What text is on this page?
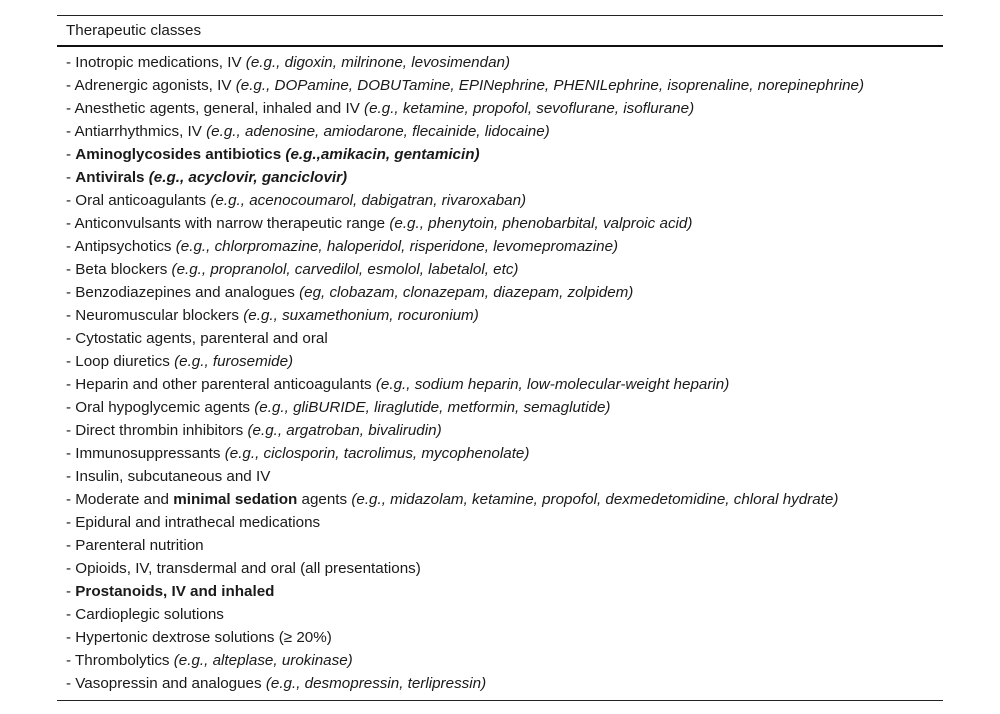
Therapeutic classes
- Inotropic medications, IV (e.g., digoxin, milrinone, levosimendan)
- Adrenergic agonists, IV (e.g., DOPamine, DOBUTamine, EPINephrine, PHENILephrine, isoprenaline, norepinephrine)
- Anesthetic agents, general, inhaled and IV (e.g., ketamine, propofol, sevoflurane, isoflurane)
- Antiarrhythmics, IV (e.g., adenosine, amiodarone, flecainide, lidocaine)
- Aminoglycosides antibiotics (e.g.,amikacin, gentamicin)
- Antivirals (e.g., acyclovir, ganciclovir)
- Oral anticoagulants (e.g., acenocoumarol, dabigatran, rivaroxaban)
- Anticonvulsants with narrow therapeutic range (e.g., phenytoin, phenobarbital, valproic acid)
- Antipsychotics (e.g., chlorpromazine, haloperidol, risperidone, levomepromazine)
- Beta blockers (e.g., propranolol, carvedilol, esmolol, labetalol, etc)
- Benzodiazepines and analogues (eg, clobazam, clonazepam, diazepam, zolpidem)
- Neuromuscular blockers (e.g., suxamethonium, rocuronium)
- Cytostatic agents, parenteral and oral
- Loop diuretics (e.g., furosemide)
- Heparin and other parenteral anticoagulants (e.g., sodium heparin, low-molecular-weight heparin)
- Oral hypoglycemic agents (e.g., gliBURIDE, liraglutide, metformin, semaglutide)
- Direct thrombin inhibitors (e.g., argatroban, bivalirudin)
- Immunosuppressants (e.g., ciclosporin, tacrolimus, mycophenolate)
- Insulin, subcutaneous and IV
- Moderate and minimal sedation agents (e.g., midazolam, ketamine, propofol, dexmedetomidine, chloral hydrate)
- Epidural and intrathecal medications
- Parenteral nutrition
- Opioids, IV, transdermal and oral (all presentations)
- Prostanoids, IV and inhaled
- Cardioplegic solutions
- Hypertonic dextrose solutions (≥ 20%)
- Thrombolytics (e.g., alteplase, urokinase)
- Vasopressin and analogues (e.g., desmopressin, terlipressin)
